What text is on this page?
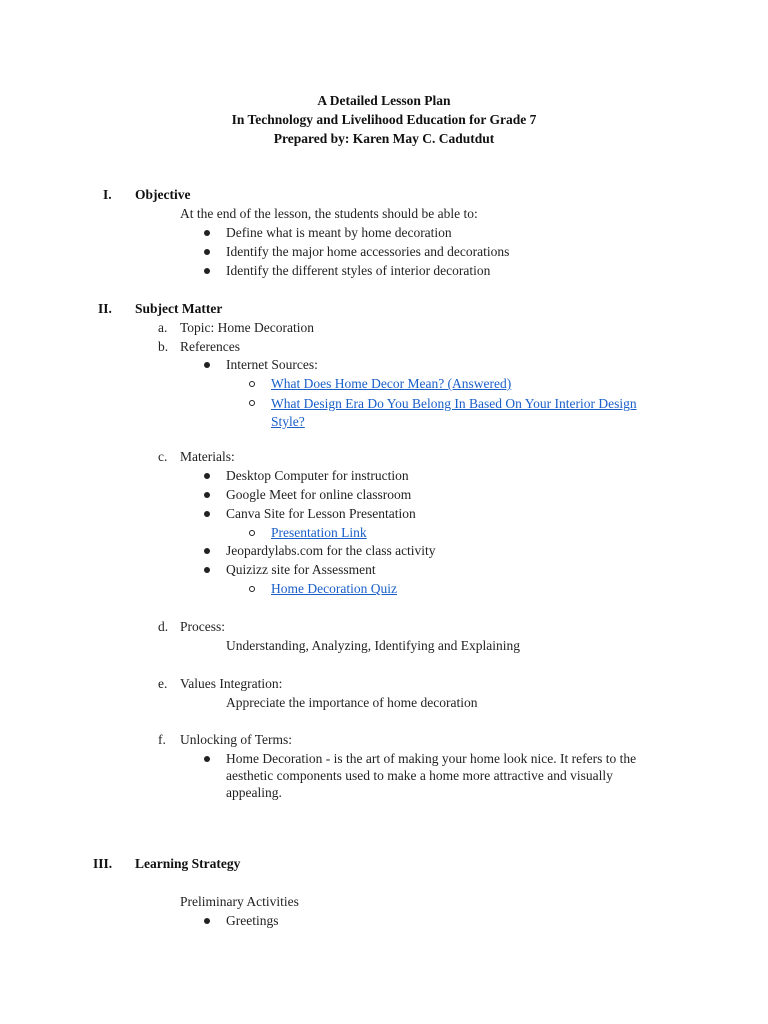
A Detailed Lesson Plan
In Technology and Livelihood Education for Grade 7
Prepared by: Karen May C. Cadutdut
I. Objective
At the end of the lesson, the students should be able to:
Define what is meant by home decoration
Identify the major home accessories and decorations
Identify the different styles of interior decoration
II. Subject Matter
a. Topic: Home Decoration
b. References
Internet Sources:
What Does Home Decor Mean? (Answered)
What Design Era Do You Belong In Based On Your Interior Design
Style?
c. Materials:
Desktop Computer for instruction
Google Meet for online classroom
Canva Site for Lesson Presentation
Presentation Link
Jeopardylabs.com for the class activity
Quizizz site for Assessment
Home Decoration Quiz
d. Process:
Understanding, Analyzing, Identifying and Explaining
e. Values Integration:
Appreciate the importance of home decoration
f. Unlocking of Terms:
Home Decoration - is the art of making your home look nice. It refers to the
aesthetic components used to make a home more attractive and visually
appealing.
III. Learning Strategy
Preliminary Activities
Greetings
